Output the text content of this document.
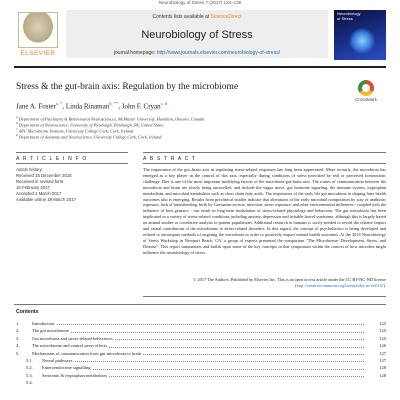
Neurobiology of Stress 7 (2017) 124–136
ELSEVIER
Contents lists available at ScienceDirect
Neurobiology of Stress
journal homepage: http://www.journals.elsevier.com/neurobiology-of-stress/
Neurobiology
of Stress
Stress & the gut-brain axis: Regulation by the microbiome
CrossMark
Jane A. Foster$^{a, *}$, Linda Rinaman$^{b, **}$, John F. Cryan$^{c, d}$
$^a$ Department of Psychiatry & Behavioural Neurosciences, McMaster University, Hamilton, Ontario, Canada
$^b$ Department of Neuroscience, University of Pittsburgh, Pittsburgh, PA, United States
$^c$ APC Microbiome Institute, University College Cork, Cork, Ireland
$^d$ Department of Anatomy and Neuroscience, University College Cork, Cork, Ireland
A R T I C L E I N F O	A B S T R A C T
Article history:
Received 15 December 2016
Received in revised form
16 February 2017
Accepted 2 March 2017
Available online 19 March 2017
The importance of the gut–brain axis in regulating stress-related responses has long been appreciated. More recently, the microbiota has emerged as a key player in the control of this axis, especially during conditions of stress provoked by real or perceived homeostatic challenge. Diet is one of the most important modifying factors of the microbiota-gut-brain axis. The routes of communication between the microbiota and brain are slowly being unravelled, and include the vagus nerve, gut hormone signaling, the immune system, tryptophan metabolism, and microbial metabolites such as short chain fatty acids. The importance of the early life gut microbiota in shaping later health outcomes also is emerging. Results from preclinical studies indicate that alterations of the early microbial composition by way of antibiotic exposure, lack of breastfeeding, birth by Caesarean section, infection, stress exposure, and other environmental influences - coupled with the influence of host genetics - can result in long-term modulation of stress-related physiology and behaviour. The gut microbiota has been implicated in a variety of stress-related conditions including anxiety, depression and irritable bowel syndrome, although this is largely based on animal studies or correlative analysis in patient populations. Additional research in humans is sorely needed to reveal the relative impact and causal contribution of the microbiome to stress-related disorders. In this regard, the concept of psychobiotics is being developed and refined to encompass methods of targeting the microbiota in order to positively impact mental health outcomes. At the 2016 Neurobiology of Stress Workshop in Newport Beach, CA, a group of experts presented the symposium "The Microbiome: Development, Stress, and Disease". This report summarizes and builds upon some of the key concepts in that symposium within the context of how microbes might influence the neurobiology of stress.
© 2017 The Authors. Published by Elsevier Inc. This is an open access article under the CC BY-NC-ND license (http://creativecommons.org/licenses/by-nc-nd/4.0/).
Contents
1.	Introduction	125
2.	The gut microbiome	125
3.	Gut microbiota and stress-related behaviours	125
4.	The microbiome and central stress effects	126
5.	Mechanisms of communication from gut microbiota to brain	127
5.1.	Neural pathways	127
5.2.	Enteroendocrine signalling	128
5.3.	Serotonin & tryptophan metabolism	128
5.4.
